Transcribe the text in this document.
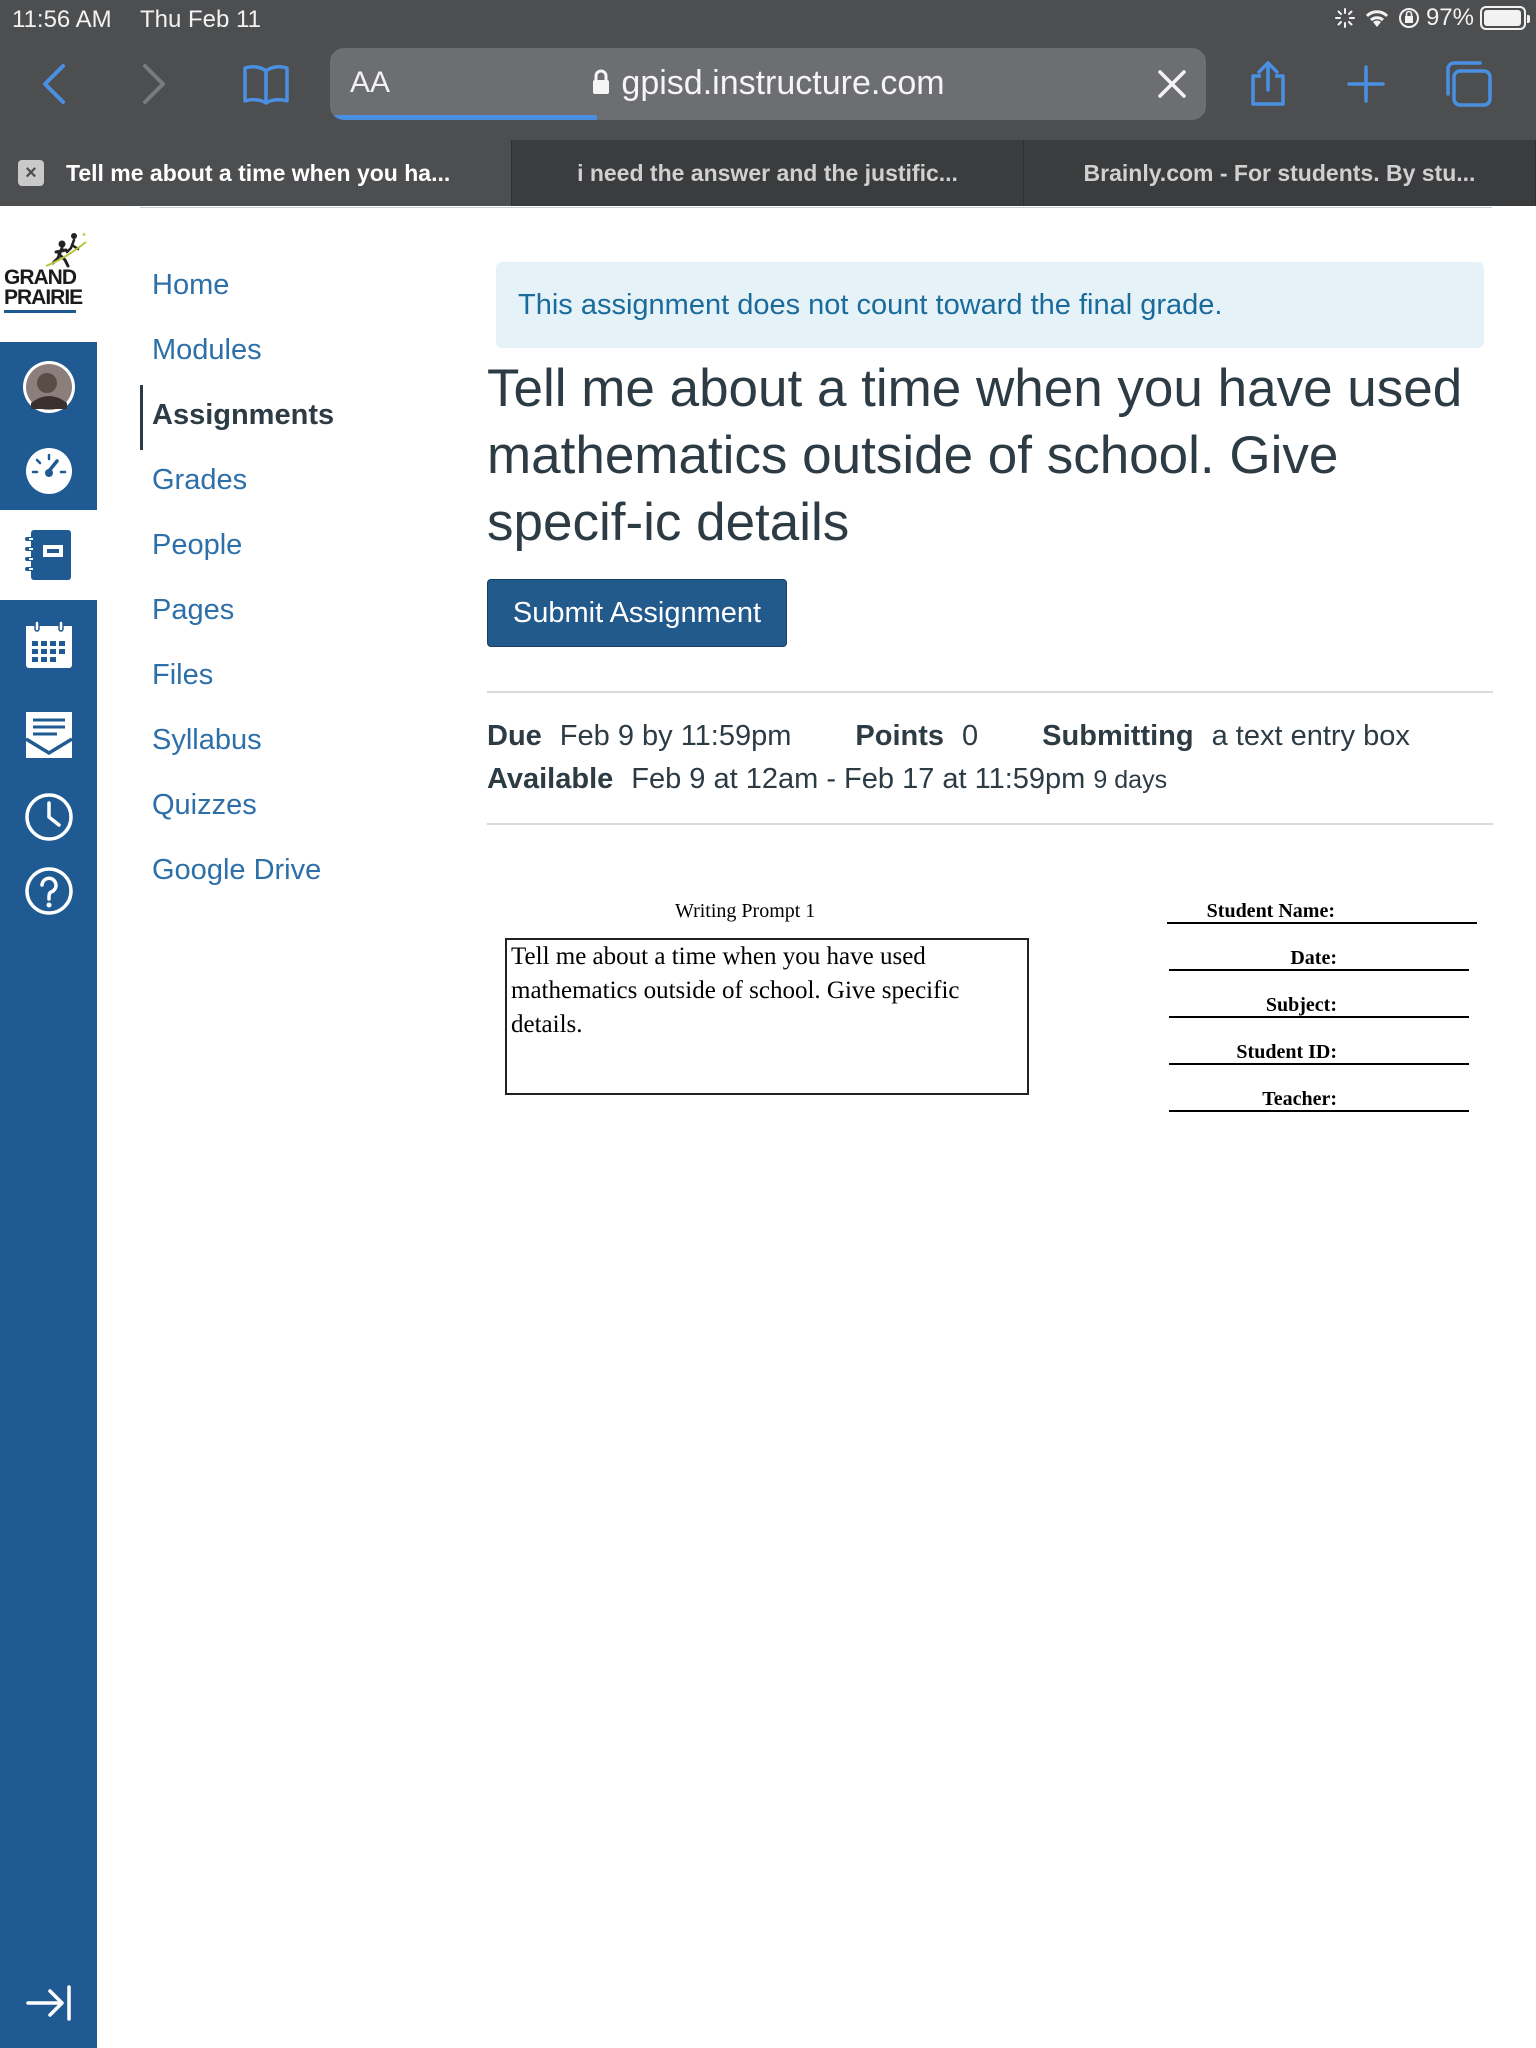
11:56 AM Thu Feb 11	97%
AA	gpisd.instructure.com
×	Tell me about a time when you ha...	i need the answer and the justific...	Brainly.com - For students. By stu...
GRAND
PRAIRIE	Home
Modules
Assignments
Grades
People
Pages
Files
Syllabus
Quizzes
Google Drive
This assignment does not count toward the final grade.
Tell me about a time when you have used mathematics outside of school. Give specif-ic details
Submit Assignment
Due Feb 9 by 11:59pm Points 0 Submitting a text entry box
Available Feb 9 at 12am - Feb 17 at 11:59pm 9 days
Writing Prompt 1
Tell me about a time when you have used mathematics outside of school. Give specific details.
Student Name:
Date:
Subject:
Student ID:
Teacher:
